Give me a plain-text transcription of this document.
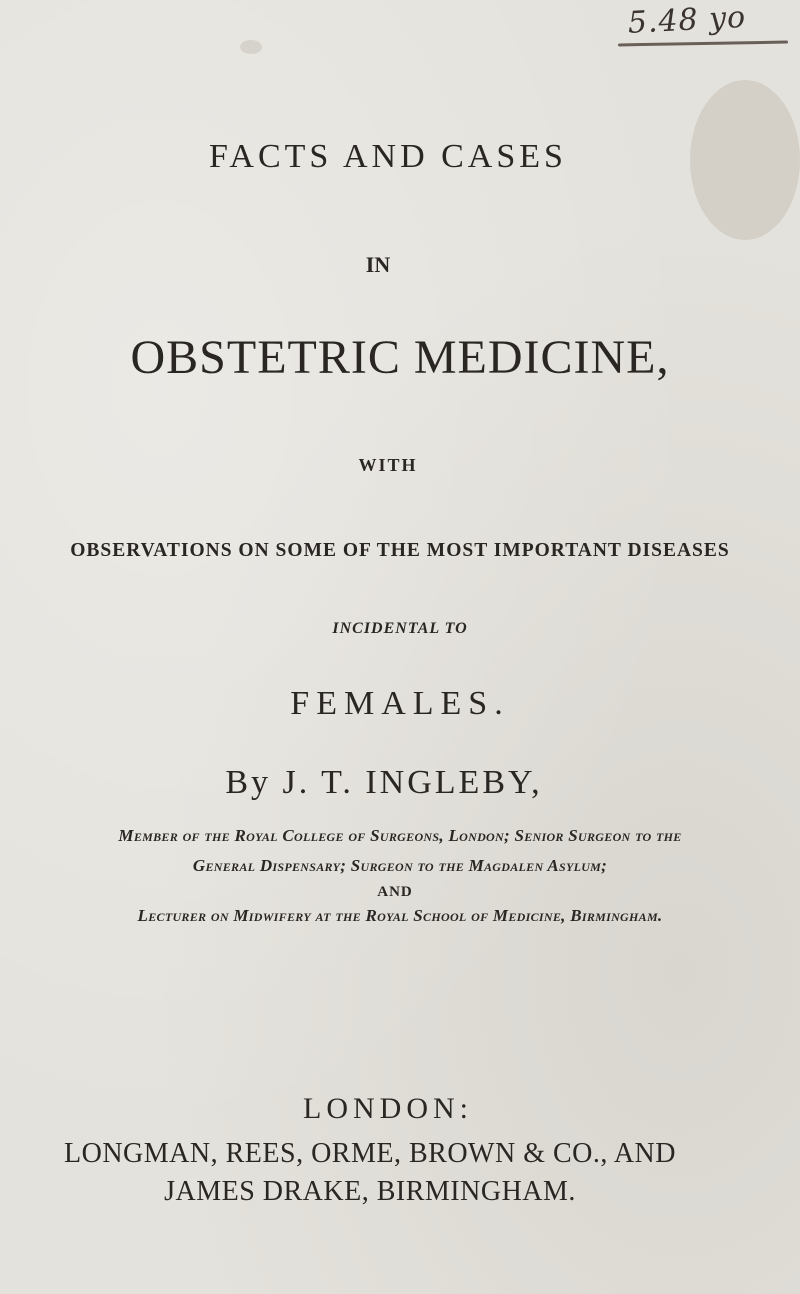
5.48 yo
FACTS AND CASES
IN
OBSTETRIC MEDICINE,
WITH
OBSERVATIONS ON SOME OF THE MOST IMPORTANT DISEASES
INCIDENTAL TO
FEMALES.
By J. T. INGLEBY,
Member of the Royal College of Surgeons, London; Senior Surgeon to the
General Dispensary; Surgeon to the Magdalen Asylum;
AND
Lecturer on Midwifery at the Royal School of Medicine, Birmingham.
LONDON:
LONGMAN, REES, ORME, BROWN & CO., AND
JAMES DRAKE, BIRMINGHAM.
